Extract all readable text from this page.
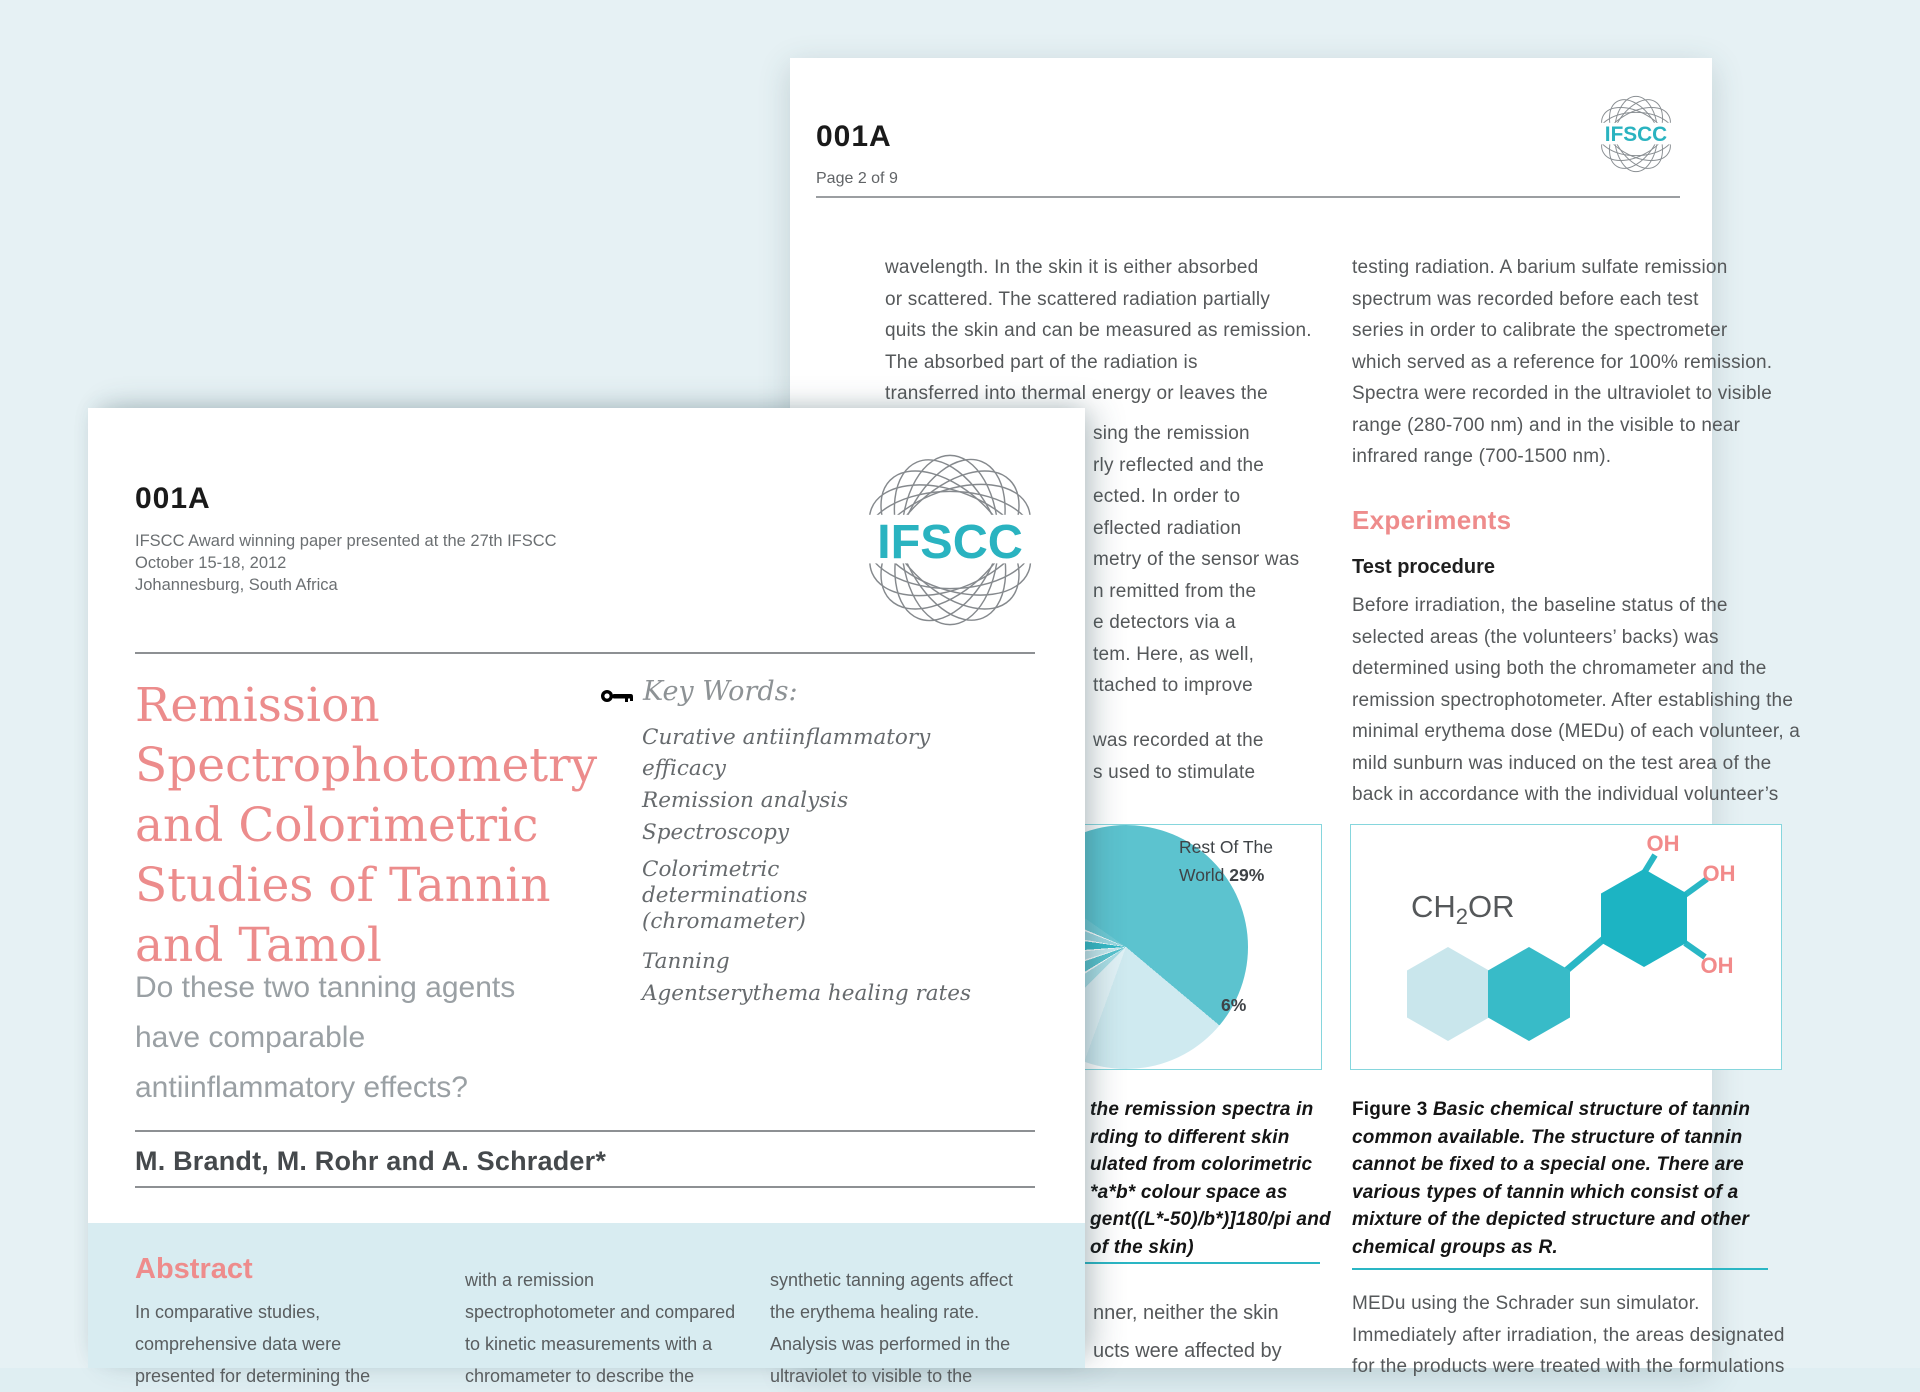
001A
Page 2 of 9
IFSCC
wavelength. In the skin it is either absorbed
or scattered. The scattered radiation partially
quits the skin and can be measured as remission.
The absorbed part of the radiation is
transferred into thermal energy or leaves the
sing the remission
rly reflected and the
ected. In order to
eflected radiation
metry of the sensor was
n remitted from the
e detectors via a
tem. Here, as well,
ttached to improve
was recorded at the
s used to stimulate
testing radiation. A barium sulfate remission
spectrum was recorded before each test
series in order to calibrate the spectrometer
which served as a reference for 100% remission.
Spectra were recorded in the ultraviolet to visible
range (280-700 nm) and in the visible to near
infrared range (700-1500 nm).
Experiments
Test procedure
Before irradiation, the baseline status of the
selected areas (the volunteers’ backs) was
determined using both the chromameter and the
remission spectrophotometer. After establishing the
minimal erythema dose (MEDu) of each volunteer, a
mild sunburn was induced on the test area of the
back in accordance with the individual volunteer’s
Rest Of The
World 29%
6%
$CH_2OR$
OH
OH
OH
the remission spectra in
rding to different skin
ulated from colorimetric
*a*b* colour space as
gent((L*-50)/b*)]180/pi and
of the skin)
Figure 3 Basic chemical structure of tannin
common available. The structure of tannin
cannot be fixed to a special one. There are
various types of tannin which consist of a
mixture of the depicted structure and other
chemical groups as R.
nner, neither the skin
ucts were affected by
MEDu using the Schrader sun simulator.
Immediately after irradiation, the areas designated
for the products were treated with the formulations
001A
IFSCC Award winning paper presented at the 27th IFSCC
October 15-18, 2012
Johannesburg, South Africa
IFSCC
Remission
Spectrophotometry
and Colorimetric
Studies of Tannin
and Tamol
Do these two tanning agents
have comparable
antiinflammatory effects?
Key Words:
Curative antiinflammatory efficacy
Remission analysis
Spectroscopy
Colorimetric determinations (chromameter)
Tanning
Agentserythema healing rates
M. Brandt, M. Rohr and A. Schrader*
Abstract
In comparative studies,
comprehensive data were
presented for determining the
with a remission
spectrophotometer and compared
to kinetic measurements with a
chromameter to describe the
synthetic tanning agents affect
the erythema healing rate.
Analysis was performed in the
ultraviolet to visible to the
